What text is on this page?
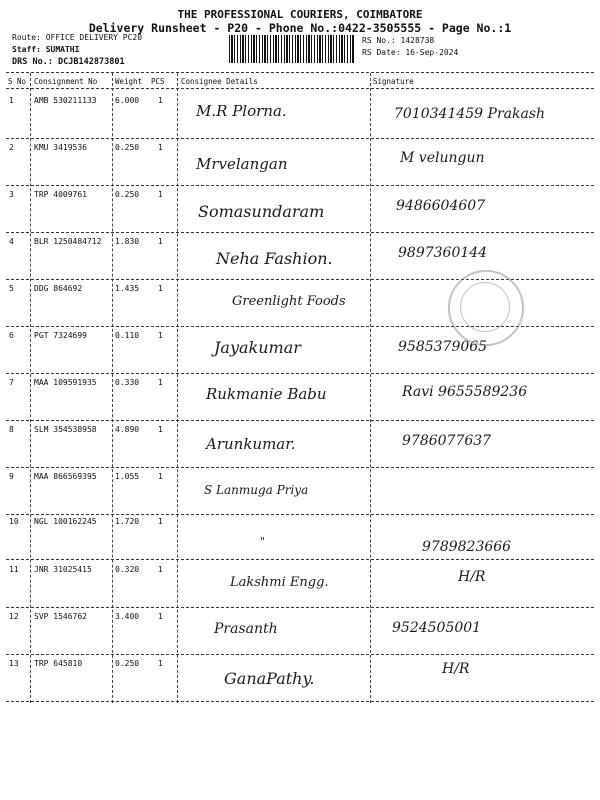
THE PROFESSIONAL COURIERS, COIMBATORE
Delivery Runsheet - P20 - Phone No.:0422-3505555 - Page No.:1
Route: OFFICE DELIVERY PC20
Staff: SUMATHI
DRS No.: DCJB142873801
RS No.: 1428738
RS Date: 16-Sep-2024
S No Consignment No Weight PCS Consignee Details	Signature
1	AMB 530211133 6.000 1
M.R Plorna.	7010341459 Prakash
2	KMU 3419536	0.250 1
Mrvelangan	M velungun
3	TRP 4009761	0.250 1
Somasundaram	9486604607
4	BLR 1250484712 1.830 1
Neha Fashion.	9897360144
5	DDG 864692	1.435 1
Greenlight Foods
6	PGT 7324699	0.110 1
Jayakumar	9585379065
7	MAA 109591935 0.330 1
Rukmanie Babu	Ravi 9655589236
8	SLM 354538958 4.890 1
Arunkumar.	9786077637
9	MAA 866569395 1.055 1
S Lanmuga Priya
10 NGL 100162245 1.720 1
"	9789823666
11 JNR 31025415	0.320 1
Lakshmi Engg.	H/R
12 SVP 1546762	3.400 1
Prasanth	9524505001
13 TRP 645810	0.250 1
GanaPathy.	H/R
